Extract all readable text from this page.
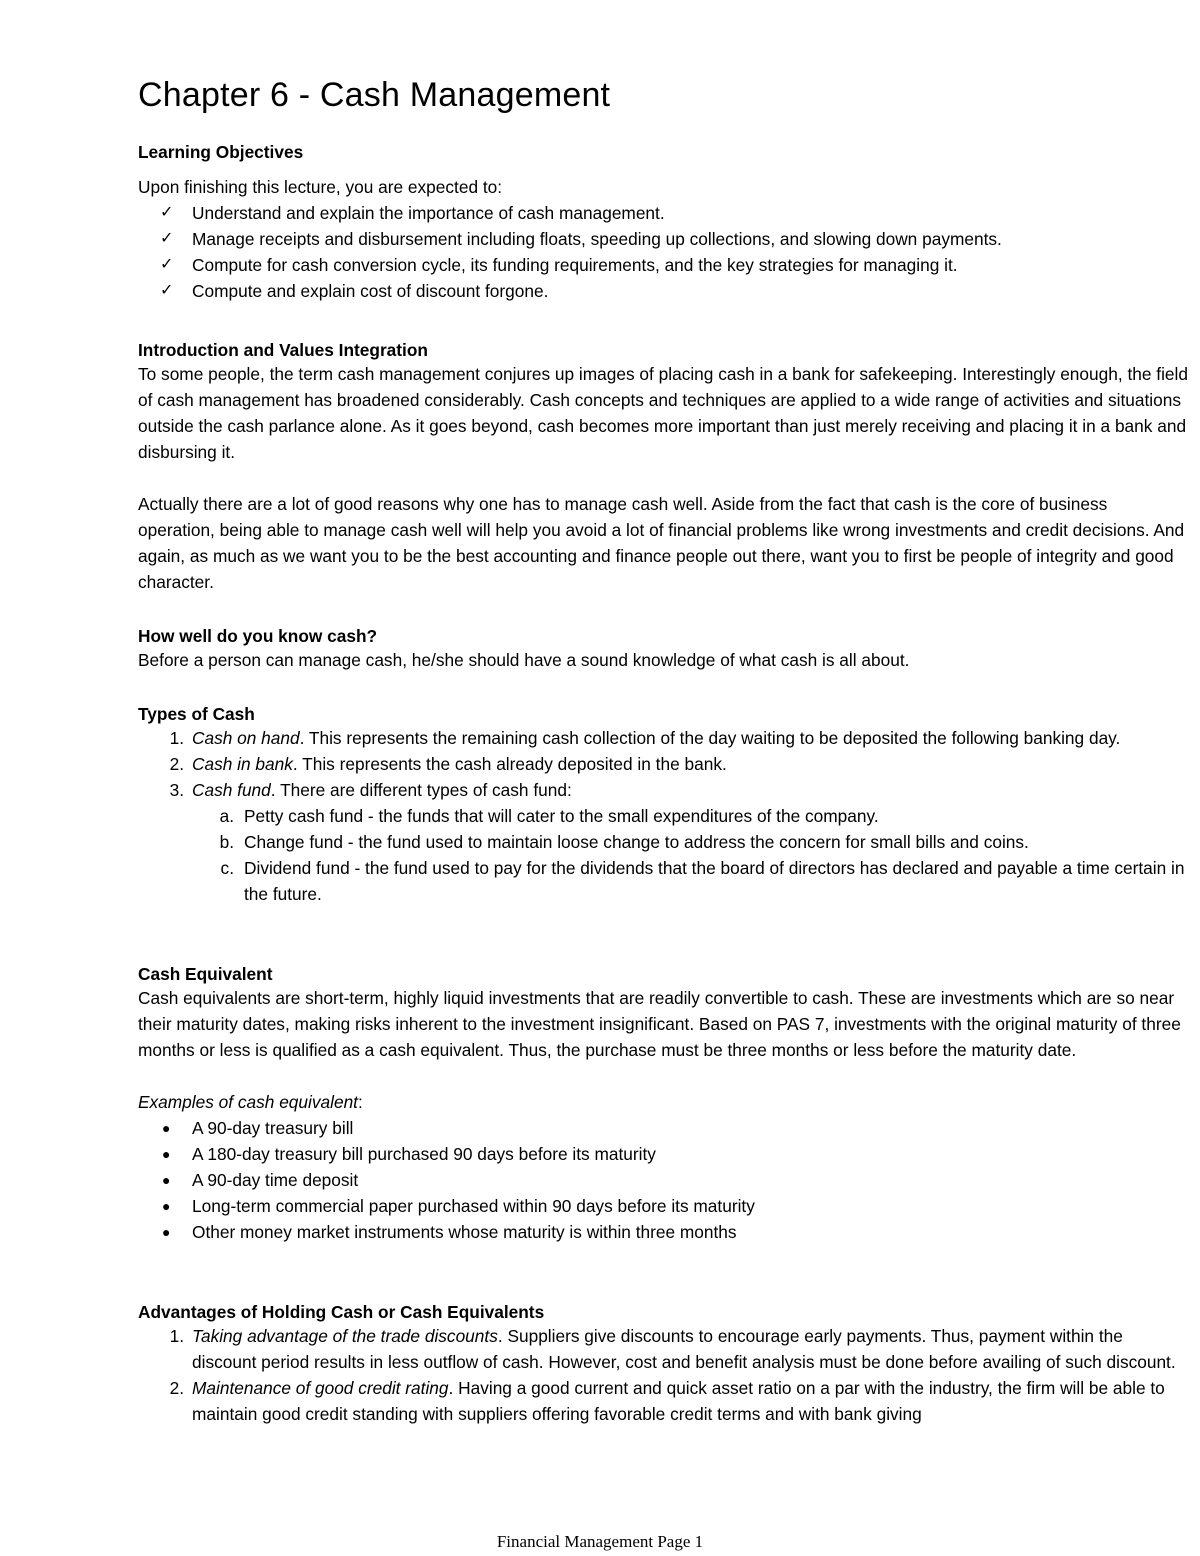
Chapter 6 - Cash Management

Learning Objectives

Upon finishing this lecture, you are expected to:

✓ Understand and explain the importance of cash management.
✓ Manage receipts and disbursement including floats, speeding up collections, and slowing down payments.
✓ Compute for cash conversion cycle, its funding requirements, and the key strategies for managing it.
✓ Compute and explain cost of discount forgone.

Introduction and Values Integration

To some people, the term cash management conjures up images of placing cash in a bank for safekeeping. Interestingly enough, the field of cash management has broadened considerably. Cash concepts and techniques are applied to a wide range of activities and situations outside the cash parlance alone. As it goes beyond, cash becomes more important than just merely receiving and placing it in a bank and disbursing it.

Actually there are a lot of good reasons why one has to manage cash well. Aside from the fact that cash is the core of business operation, being able to manage cash well will help you avoid a lot of financial problems like wrong investments and credit decisions. And again, as much as we want you to be the best accounting and finance people out there, want you to first be people of integrity and good character.

How well do you know cash?

Before a person can manage cash, he/she should have a sound knowledge of what cash is all about.

Types of Cash

1. Cash on hand. This represents the remaining cash collection of the day waiting to be deposited the following banking day.
2. Cash in bank. This represents the cash already deposited in the bank.
3. Cash fund. There are different types of cash fund:
a. Petty cash fund - the funds that will cater to the small expenditures of the company.
b. Change fund - the fund used to maintain loose change to address the concern for small bills and coins.
c. Dividend fund - the fund used to pay for the dividends that the board of directors has declared and payable a time certain in the future.

Cash Equivalent

Cash equivalents are short-term, highly liquid investments that are readily convertible to cash. These are investments which are so near their maturity dates, making risks inherent to the investment insignificant. Based on PAS 7, investments with the original maturity of three months or less is qualified as a cash equivalent. Thus, the purchase must be three months or less before the maturity date.

Examples of cash equivalent:

● A 90-day treasury bill
● A 180-day treasury bill purchased 90 days before its maturity
● A 90-day time deposit
● Long-term commercial paper purchased within 90 days before its maturity
● Other money market instruments whose maturity is within three months

Advantages of Holding Cash or Cash Equivalents

1. Taking advantage of the trade discounts. Suppliers give discounts to encourage early payments. Thus, payment within the discount period results in less outflow of cash. However, cost and benefit analysis must be done before availing of such discount.
2. Maintenance of good credit rating. Having a good current and quick asset ratio on a par with the industry, the firm will be able to maintain good credit standing with suppliers offering favorable credit terms and with bank giving
Financial Management Page 1
